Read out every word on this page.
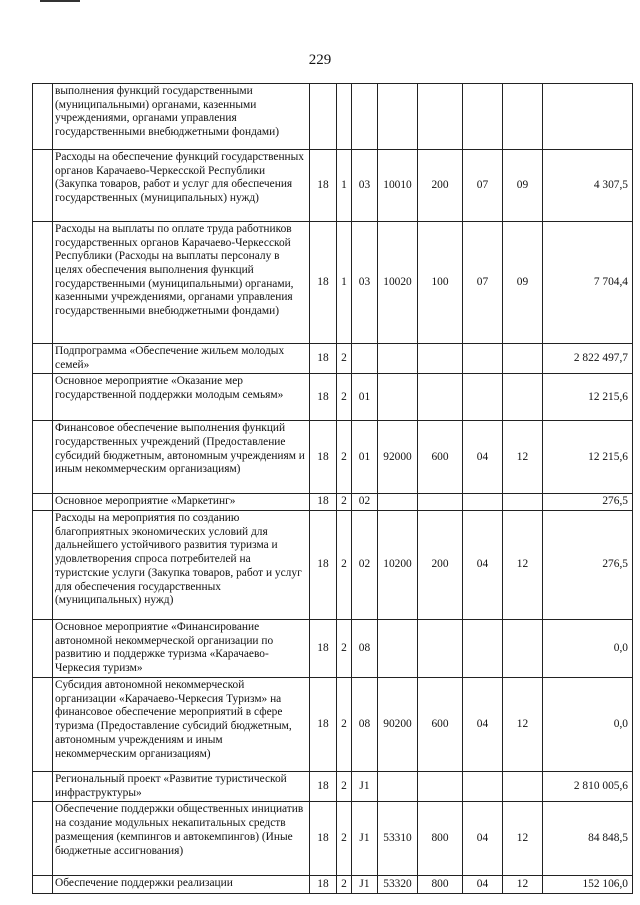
229
	выполнения функций государственными (муниципальными) органами, казенными учреждениями, органами управления государственными внебюджетными фондами)								
	Расходы на обеспечение функций государственных органов Карачаево-Черкесской Республики (Закупка товаров, работ и услуг для обеспечения государственных (муниципальных) нужд)	18	1	03	10010	200	07	09	4 307,5
	Расходы на выплаты по оплате труда работников государственных органов Карачаево-Черкесской Республики (Расходы на выплаты персоналу в целях обеспечения выполнения функций государственными (муниципальными) органами, казенными учреждениями, органами управления государственными внебюджетными фондами)	18	1	03	10020	100	07	09	7 704,4
	Подпрограмма «Обеспечение жильем молодых семей»	18	2						2 822 497,7
	Основное мероприятие «Оказание мер государственной поддержки молодым семьям»	18	2	01					12 215,6
	Финансовое обеспечение выполнения функций государственных учреждений (Предоставление субсидий бюджетным, автономным учреждениям и иным некоммерческим организациям)	18	2	01	92000	600	04	12	12 215,6
	Основное мероприятие «Маркетинг»	18	2	02					276,5
	Расходы на мероприятия по созданию благоприятных экономических условий для дальнейшего устойчивого развития туризма и удовлетворения спроса потребителей на туристские услуги (Закупка товаров, работ и услуг для обеспечения государственных (муниципальных) нужд)	18	2	02	10200	200	04	12	276,5
	Основное мероприятие «Финансирование автономной некоммерческой организации по развитию и поддержке туризма «Карачаево-Черкесия туризм»	18	2	08					0,0
	Субсидия автономной некоммерческой организации «Карачаево-Черкесия Туризм» на финансовое обеспечение мероприятий в сфере туризма (Предоставление субсидий бюджетным, автономным учреждениям и иным некоммерческим организациям)	18	2	08	90200	600	04	12	0,0
	Региональный проект «Развитие туристической инфраструктуры»	18	2	J1					2 810 005,6
	Обеспечение поддержки общественных инициатив на создание модульных некапитальных средств размещения (кемпингов и автокемпингов) (Иные бюджетные ассигнования)	18	2	J1	53310	800	04	12	84 848,5
	Обеспечение поддержки реализации	18	2	J1	53320	800	04	12	152 106,0
